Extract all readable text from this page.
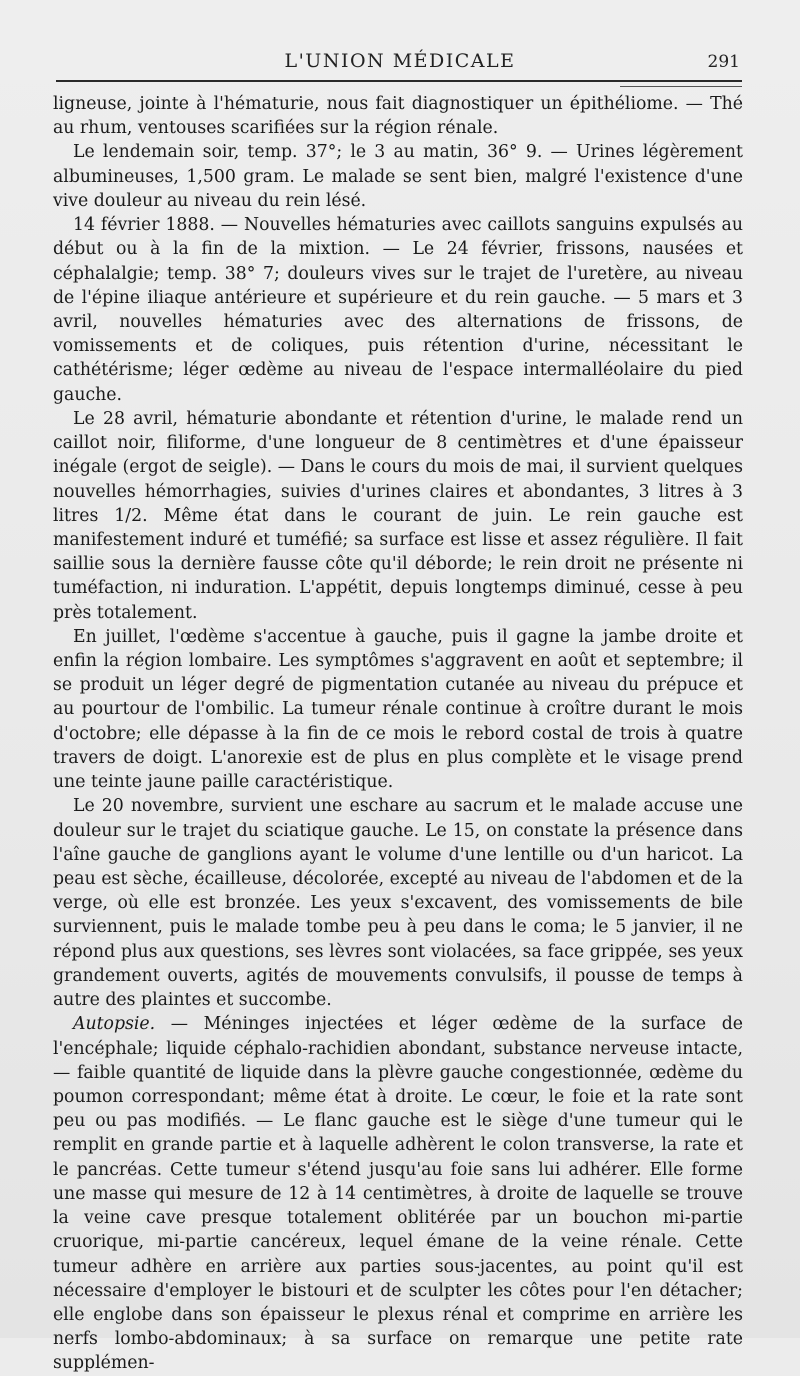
L'UNION MÉDICALE	291

ligneuse, jointe à l'hématurie, nous fait diagnostiquer un épithéliome. — Thé au rhum, ventouses scarifiées sur la région rénale.

Le lendemain soir, temp. 37°; le 3 au matin, 36° 9. — Urines légèrement albumineuses, 1,500 gram. Le malade se sent bien, malgré l'existence d'une vive douleur au niveau du rein lésé.

14 février 1888. — Nouvelles hématuries avec caillots sanguins expulsés au début ou à la fin de la mixtion. — Le 24 février, frissons, nausées et céphalalgie; temp. 38° 7; douleurs vives sur le trajet de l'uretère, au niveau de l'épine iliaque antérieure et supérieure et du rein gauche. — 5 mars et 3 avril, nouvelles hématuries avec des alternations de frissons, de vomissements et de coliques, puis rétention d'urine, nécessitant le cathétérisme; léger œdème au niveau de l'espace intermalléolaire du pied gauche.

Le 28 avril, hématurie abondante et rétention d'urine, le malade rend un caillot noir, filiforme, d'une longueur de 8 centimètres et d'une épaisseur inégale (ergot de seigle). — Dans le cours du mois de mai, il survient quelques nouvelles hémorrhagies, suivies d'urines claires et abondantes, 3 litres à 3 litres 1/2. Même état dans le courant de juin. Le rein gauche est manifestement induré et tuméfié; sa surface est lisse et assez régulière. Il fait saillie sous la dernière fausse côte qu'il déborde; le rein droit ne présente ni tuméfaction, ni induration. L'appétit, depuis longtemps diminué, cesse à peu près totalement.

En juillet, l'œdème s'accentue à gauche, puis il gagne la jambe droite et enfin la région lombaire. Les symptômes s'aggravent en août et septembre; il se produit un léger degré de pigmentation cutanée au niveau du prépuce et au pourtour de l'ombilic. La tumeur rénale continue à croître durant le mois d'octobre; elle dépasse à la fin de ce mois le rebord costal de trois à quatre travers de doigt. L'anorexie est de plus en plus complète et le visage prend une teinte jaune paille caractéristique.

Le 20 novembre, survient une eschare au sacrum et le malade accuse une douleur sur le trajet du sciatique gauche. Le 15, on constate la présence dans l'aîne gauche de ganglions ayant le volume d'une lentille ou d'un haricot. La peau est sèche, écailleuse, décolorée, excepté au niveau de l'abdomen et de la verge, où elle est bronzée. Les yeux s'excavent, des vomissements de bile surviennent, puis le malade tombe peu à peu dans le coma; le 5 janvier, il ne répond plus aux questions, ses lèvres sont violacées, sa face grippée, ses yeux grandement ouverts, agités de mouvements convulsifs, il pousse de temps à autre des plaintes et succombe.

Autopsie. — Méninges injectées et léger œdème de la surface de l'encéphale; liquide céphalo-rachidien abondant, substance nerveuse intacte, — faible quantité de liquide dans la plèvre gauche congestionnée, œdème du poumon correspondant; même état à droite. Le cœur, le foie et la rate sont peu ou pas modifiés. — Le flanc gauche est le siège d'une tumeur qui le remplit en grande partie et à laquelle adhèrent le colon transverse, la rate et le pancréas. Cette tumeur s'étend jusqu'au foie sans lui adhérer. Elle forme une masse qui mesure de 12 à 14 centimètres, à droite de laquelle se trouve la veine cave presque totalement oblitérée par un bouchon mi-partie cruorique, mi-partie cancéreux, lequel émane de la veine rénale. Cette tumeur adhère en arrière aux parties sous-jacentes, au point qu'il est nécessaire d'employer le bistouri et de sculpter les côtes pour l'en détacher; elle englobe dans son épaisseur le plexus rénal et comprime en arrière les nerfs lombo-abdominaux; à sa surface on remarque une petite rate supplémen-
